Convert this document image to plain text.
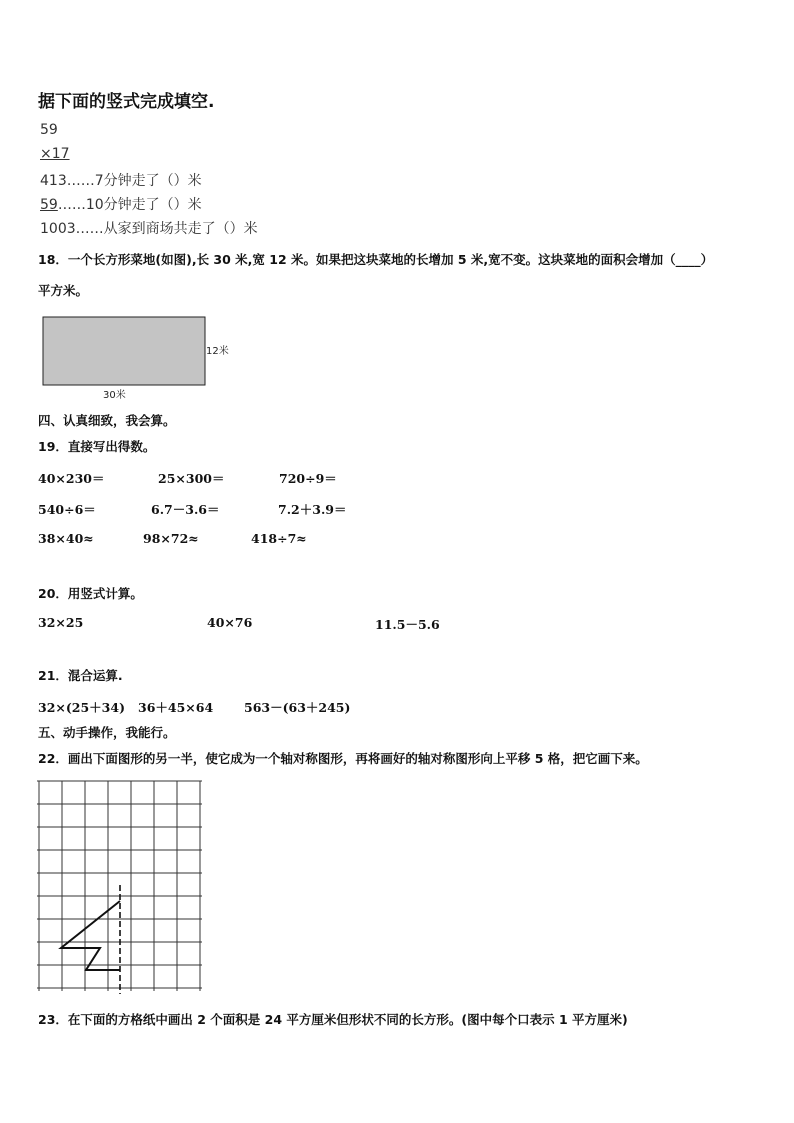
据下面的竖式完成填空.
59
×17
413……7分钟走了（）米
59……10分钟走了（）米
1003……从家到商场共走了（）米
18．一个长方形菜地(如图),长 30 米,宽 12 米。如果把这块菜地的长增加 5 米,宽不变。这块菜地的面积会增加（____）
平方米。
12米
30米
四、认真细致，我会算。
19．直接写出得数。
40×230＝	25×300＝	720÷9＝
540÷6＝	6.7－3.6＝	7.2＋3.9＝
38×40≈	98×72≈	418÷7≈
20．用竖式计算。
32×25	40×76	11.5－5.6
21．混合运算.
32×(25＋34) 36＋45×64 563－(63＋245)
五、动手操作，我能行。
22．画出下面图形的另一半，使它成为一个轴对称图形，再将画好的轴对称图形向上平移 5 格，把它画下来。
23．在下面的方格纸中画出 2 个面积是 24 平方厘米但形状不同的长方形。(图中每个口表示 1 平方厘米)
